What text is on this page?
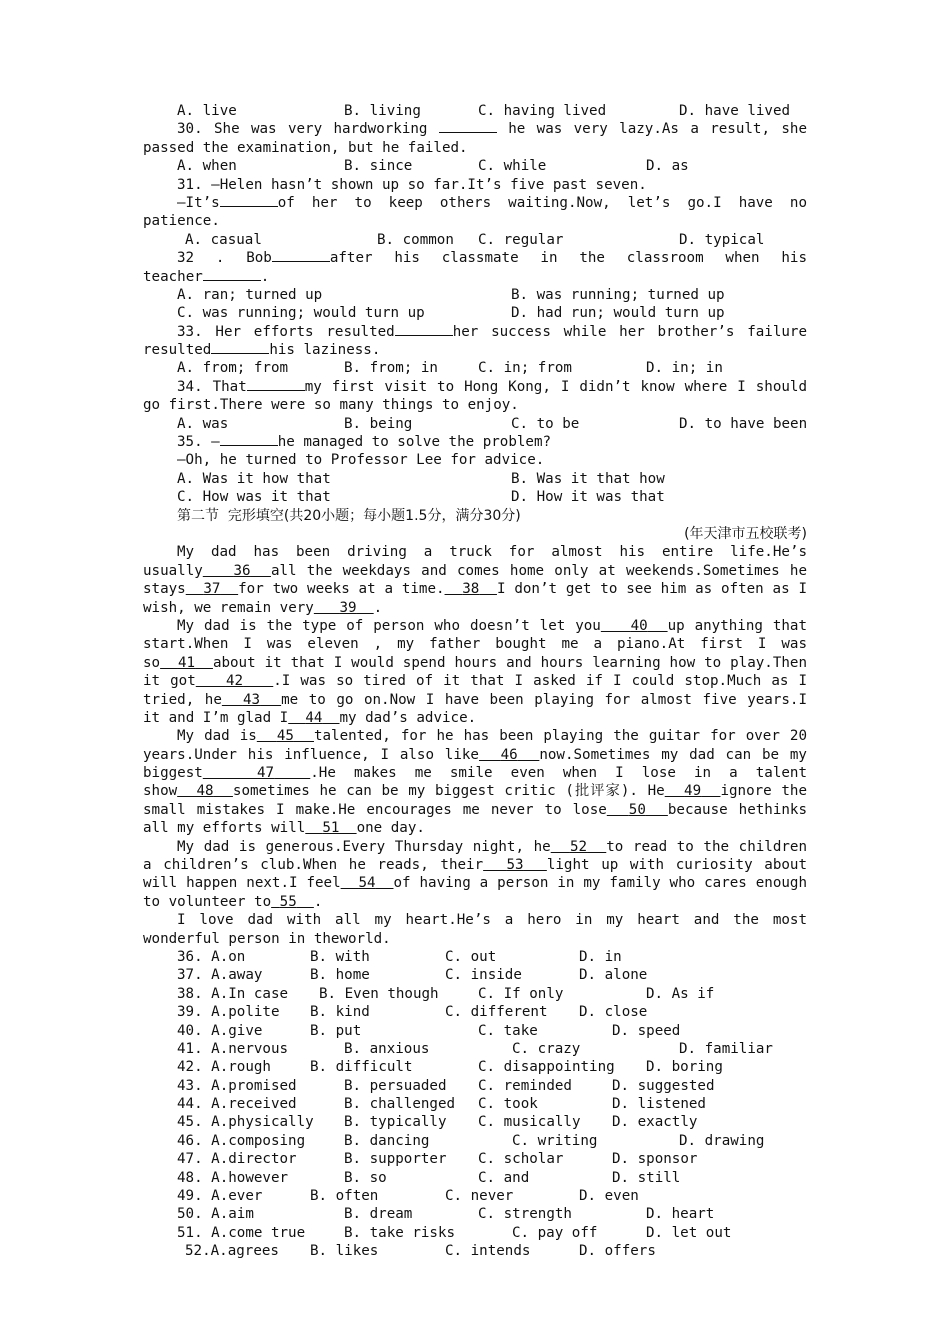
A. live	B. living	C. having lived	D. have lived
30. She was very hardworking	he was very lazy.As a result, she
passed the examination, but he failed.
A. when	B. since	C. while	D. as
31. —Helen hasn’t shown up so far.It’s five past seven.
—It’s	of her to keep others waiting.Now, let’s go.I have no
patience.
A. casual	B. common C. regular	D. typical
32 . Bob	after his classmate in the classroom when his
teacher	.
A. ran; turned up	B. was running; turned up
C. was running; would turn up	D. had run; would turn up
33. Her efforts resulted	her success while her brother’s failure
resulted	his laziness.
A. from; from	B. from; in	C. in; from	D. in; in
34. That	my first visit to Hong Kong, I didn’t know where I should
go first.There were so many things to enjoy.
A. was	B. being	C. to be	D. to have been
35. —	he managed to solve the problem?
—Oh, he turned to Professor Lee for advice.
A. Was it how that	B. Was it that how
C. How was it that	D. How it was that
第二节  完形填空(共20小题；每小题1.5分，满分30分)
(年天津市五校联考)
My dad has been driving a truck for almost his entire life.He’s
usually 36 all the weekdays and comes home only at weekends.Sometimes he
stays 37 for two weeks at a time. 38 I don’t get to see him as often as I
wish, we remain very 39 .
My dad is the type of person who doesn’t let you 40 up anything that
start.When I was eleven , my father bought me a piano.At first I was
so 41 about it that I would spend hours and hours learning how to play.Then
it got 42 .I was so tired of it that I asked if I could stop.Much as I
tried, he 43 me to go on.Now I have been playing for almost five years.I
it and I’m glad I 44 my dad’s advice.
My dad is 45 talented, for he has been playing the guitar for over 20
years.Under his influence, I also like 46 now.Sometimes my dad can be my
biggest	47	.He makes me smile even when I lose in a talent
show 48 sometimes he can be my biggest critic (批评家). He 49 ignore the
small mistakes I make.He encourages me never to lose 50 because hethinks
all my efforts will 51 one day.
My dad is generous.Every Thursday night, he 52 to read to the children
a children’s club.When he reads, their 53 light up with curiosity about
will happen next.I feel 54 of having a person in my family who cares enough
to volunteer to 55 .
I love dad with all my heart.He’s a hero in my heart and the most
wonderful person in theworld.
36. A.on	B. with	C. out	D. in
37. A.away	B. home	C. inside	D. alone
38. A.In case B. Even though	C. If only	D. As if
39. A.polite B. kind	C. different D. close
40. A.give	B. put	C. take	D. speed
41. A.nervous	B. anxious	C. crazy	D. familiar
42. A.rough	B. difficult	C. disappointing D. boring
43. A.promised	B. persuaded C. reminded	D. suggested
44. A.received	B. challenged C. took	D. listened
45. A.physically B. typically C. musically D. exactly
46. A.composing	B. dancing	C. writing	D. drawing
47. A.director	B. supporter C. scholar	D. sponsor
48. A.however	B. so	C. and	D. still
49. A.ever	B. often	C. never	D. even
50. A.aim	B. dream	C. strength	D. heart
51. A.come true	B. take risks	C. pay off	D. let out
52.A.agrees B. likes	C. intends	D. offers
